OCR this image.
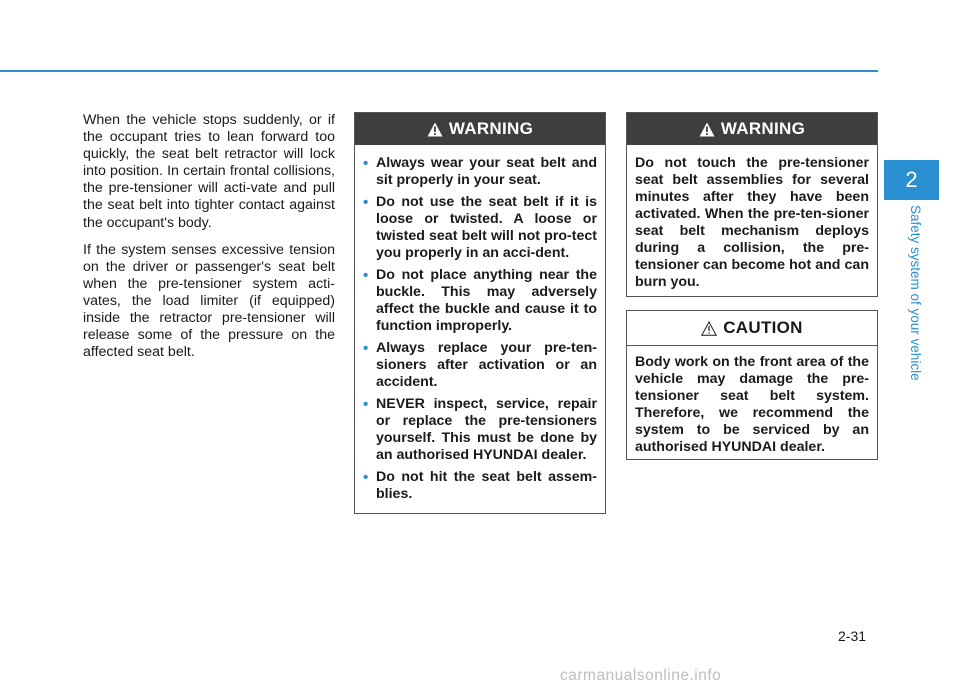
When the vehicle stops suddenly, or if the occupant tries to lean forward too quickly, the seat belt retractor will lock into position. In certain frontal collisions, the pre-tensioner will acti-vate and pull the seat belt into tighter contact against the occupant's body.

If the system senses excessive tension on the driver or passenger's seat belt when the pre-tensioner system acti-vates, the load limiter (if equipped) inside the retractor pre-tensioner will release some of the pressure on the affected seat belt.

WARNING
• Always wear your seat belt and sit properly in your seat.
• Do not use the seat belt if it is loose or twisted. A loose or twisted seat belt will not pro-tect you properly in an acci-dent.
• Do not place anything near the buckle. This may adversely affect the buckle and cause it to function improperly.
• Always replace your pre-ten-sioners after activation or an accident.
• NEVER inspect, service, repair or replace the pre-tensioners yourself. This must be done by an authorised HYUNDAI dealer.
• Do not hit the seat belt assem-blies.
WARNING

Do not touch the pre-tensioner seat belt assemblies for several minutes after they have been activated. When the pre-ten-sioner seat belt mechanism deploys during a collision, the pre-tensioner can become hot and can burn you.

CAUTION

Body work on the front area of the vehicle may damage the pre-tensioner seat belt system. Therefore, we recommend the system to be serviced by an authorised HYUNDAI dealer.

2
Safety system of your vehicle
2-31
carmanualsonline.info
